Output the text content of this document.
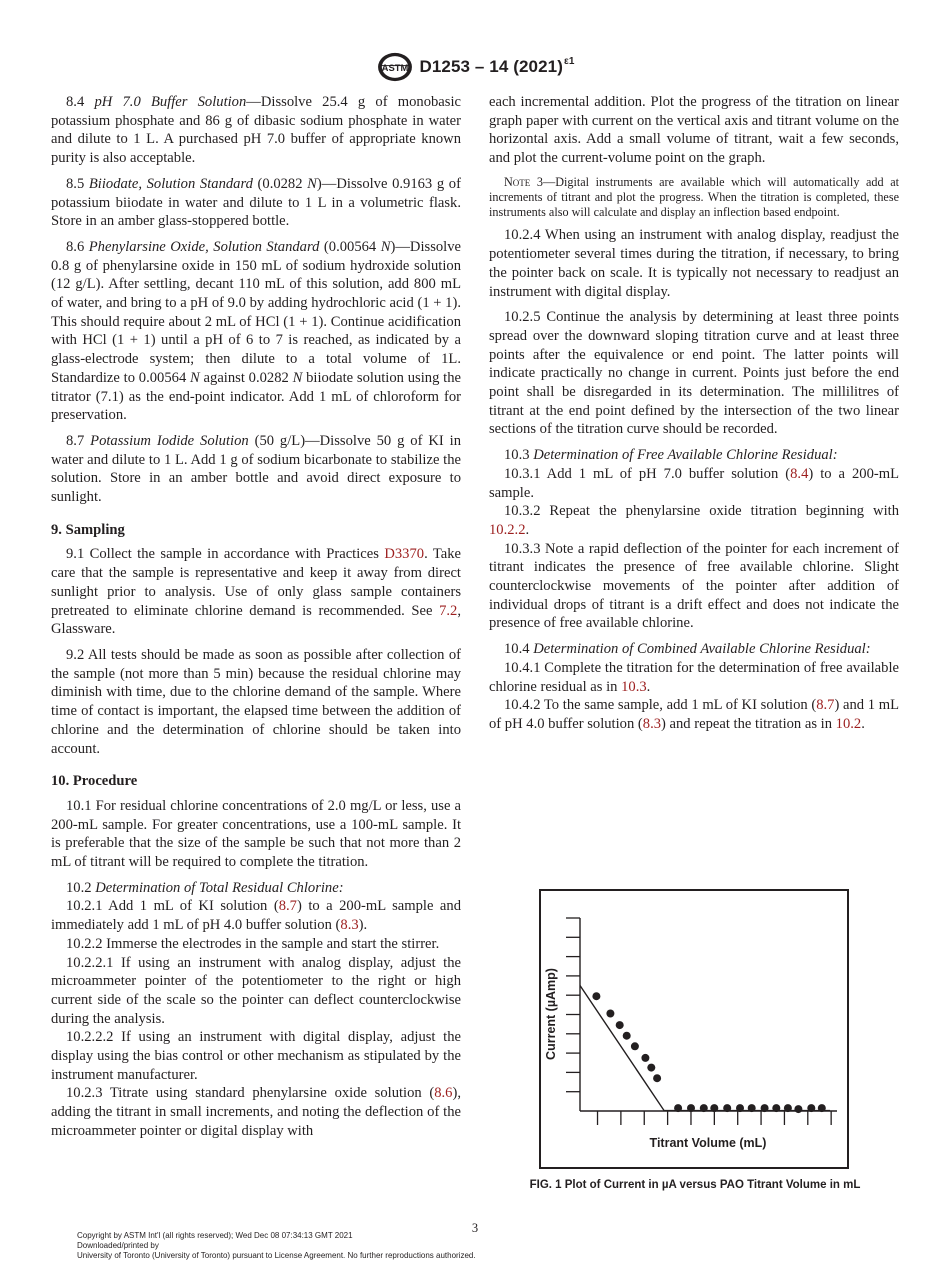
ASTM D1253 – 14 $(2021)^{\varepsilon 1}$

8.4 pH 7.0 Buffer Solution—Dissolve 25.4 g of monobasic potassium phosphate and 86 g of dibasic sodium phosphate in water and dilute to 1 L. A purchased pH 7.0 buffer of appropriate known purity is also acceptable.

8.5 Biiodate, Solution Standard (0.0282 N)—Dissolve 0.9163 g of potassium biiodate in water and dilute to 1 L in a volumetric flask. Store in an amber glass-stoppered bottle.

8.6 Phenylarsine Oxide, Solution Standard (0.00564 N)—Dissolve 0.8 g of phenylarsine oxide in 150 mL of sodium hydroxide solution (12 g/L). After settling, decant 110 mL of this solution, add 800 mL of water, and bring to a pH of 9.0 by adding hydrochloric acid (1 + 1). This should require about 2 mL of HCl (1 + 1). Continue acidification with HCl (1 + 1) until a pH of 6 to 7 is reached, as indicated by a glass-electrode system; then dilute to a total volume of 1L. Standardize to 0.00564 N against 0.0282 N biiodate solution using the titrator (7.1) as the end-point indicator. Add 1 mL of chloroform for preservation.

8.7 Potassium Iodide Solution (50 g/L)—Dissolve 50 g of KI in water and dilute to 1 L. Add 1 g of sodium bicarbonate to stabilize the solution. Store in an amber bottle and avoid direct exposure to sunlight.

9. Sampling

9.1 Collect the sample in accordance with Practices D3370. Take care that the sample is representative and keep it away from direct sunlight prior to analysis. Use of only glass sample containers pretreated to eliminate chlorine demand is recommended. See 7.2, Glassware.

9.2 All tests should be made as soon as possible after collection of the sample (not more than 5 min) because the residual chlorine may diminish with time, due to the chlorine demand of the sample. Where time of contact is important, the elapsed time between the addition of chlorine and the determination of chlorine should be taken into account.

10. Procedure

10.1 For residual chlorine concentrations of 2.0 mg/L or less, use a 200-mL sample. For greater concentrations, use a 100-mL sample. It is preferable that the size of the sample be such that not more than 2 mL of titrant will be required to complete the titration.

10.2 Determination of Total Residual Chlorine:

10.2.1 Add 1 mL of KI solution (8.7) to a 200-mL sample and immediately add 1 mL of pH 4.0 buffer solution (8.3).

10.2.2 Immerse the electrodes in the sample and start the stirrer.

10.2.2.1 If using an instrument with analog display, adjust the microammeter pointer of the potentiometer to the right or high current side of the scale so the pointer can deflect counterclockwise during the analysis.

10.2.2.2 If using an instrument with digital display, adjust the display using the bias control or other mechanism as stipulated by the instrument manufacturer.

10.2.3 Titrate using standard phenylarsine oxide solution (8.6), adding the titrant in small increments, and noting the deflection of the microammeter pointer or digital display with

each incremental addition. Plot the progress of the titration on linear graph paper with current on the vertical axis and titrant volume on the horizontal axis. Add a small volume of titrant, wait a few seconds, and plot the current-volume point on the graph.

Note 3—Digital instruments are available which will automatically add at increments of titrant and plot the progress. When the titration is completed, these instruments also will calculate and display an inflection based endpoint.

10.2.4 When using an instrument with analog display, readjust the potentiometer several times during the titration, if necessary, to bring the pointer back on scale. It is typically not necessary to readjust an instrument with digital display.

10.2.5 Continue the analysis by determining at least three points spread over the downward sloping titration curve and at least three points after the equivalence or end point. The latter points will indicate practically no change in current. Points just before the end point shall be disregarded in its determination. The millilitres of titrant at the end point defined by the intersection of the two linear sections of the titration curve should be recorded.

10.3 Determination of Free Available Chlorine Residual:

10.3.1 Add 1 mL of pH 7.0 buffer solution (8.4) to a 200-mL sample.

10.3.2 Repeat the phenylarsine oxide titration beginning with 10.2.2.

10.3.3 Note a rapid deflection of the pointer for each increment of titrant indicates the presence of free available chlorine. Slight counterclockwise movements of the pointer after addition of individual drops of titrant is a drift effect and does not indicate the presence of free available chlorine.

10.4 Determination of Combined Available Chlorine Residual:

10.4.1 Complete the titration for the determination of free available chlorine residual as in 10.3.

10.4.2 To the same sample, add 1 mL of KI solution (8.7) and 1 mL of pH 4.0 buffer solution (8.3) and repeat the titration as in 10.2.

Current (µAmp)
Titrant Volume (mL)
FIG. 1 Plot of Current in µA versus PAO Titrant Volume in mL
3
Copyright by ASTM Int'l (all rights reserved); Wed Dec 08 07:34:13 GMT 2021
Downloaded/printed by
University of Toronto (University of Toronto) pursuant to License Agreement. No further reproductions authorized.
